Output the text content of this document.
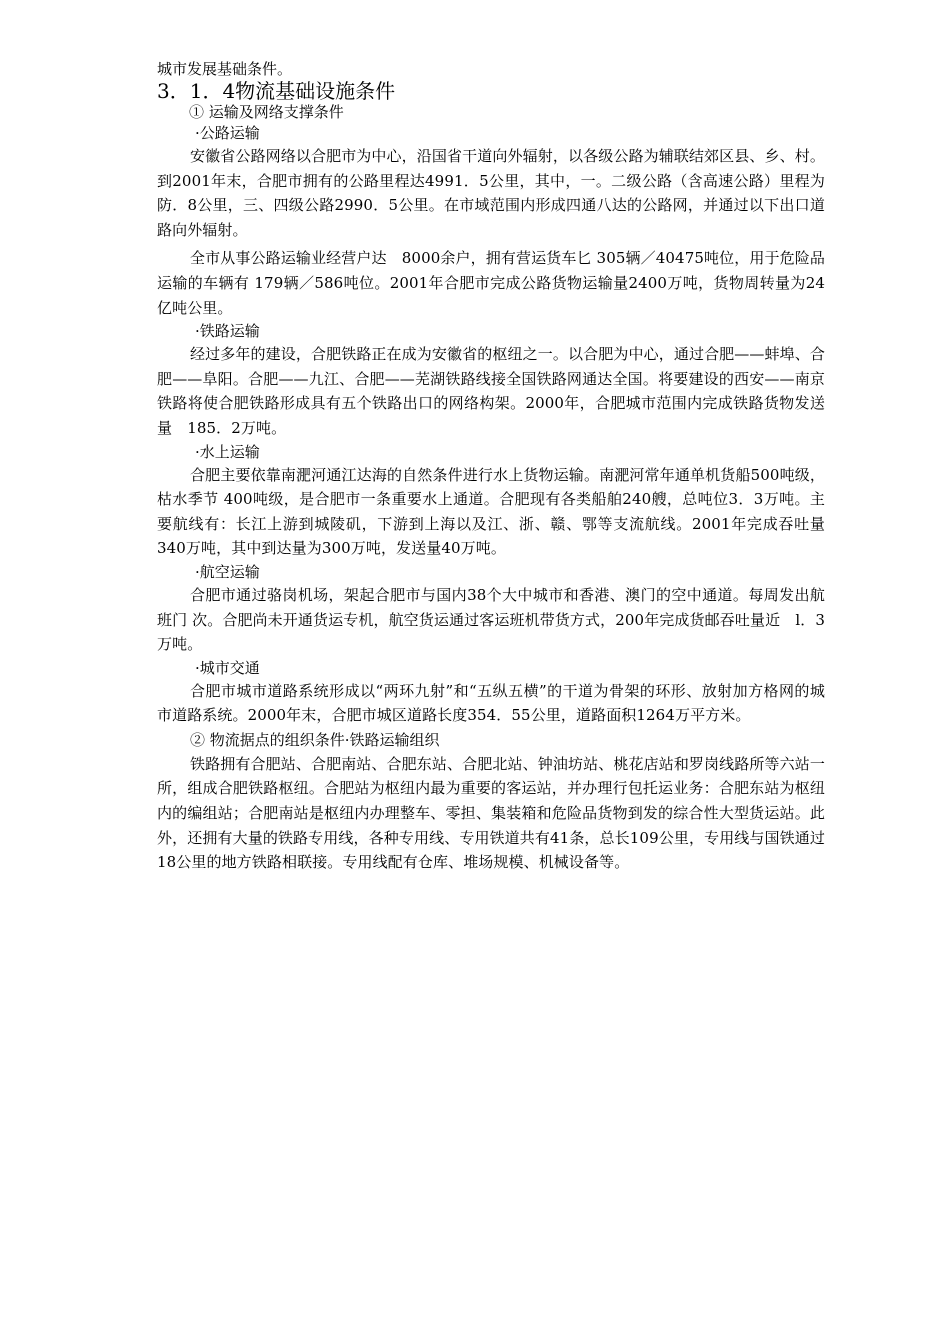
城市发展基础条件。
3．1．4物流基础设施条件
① 运输及网络支撑条件
·公路运输

安徽省公路网络以合肥市为中心，沿国省干道向外辐射，以各级公路为辅联结郊区县、乡、村。到2001年末，合肥市拥有的公路里程达4991．5公里，其中，一。二级公路（含高速公路）里程为防．8公里，三、四级公路2990．5公里。在市域范围内形成四通八达的公路网，并通过以下出口道路向外辐射。

全市从事公路运输业经营户达　8000余户，拥有营运货车匕 305辆／40475吨位，用于危险品运输的车辆有 179辆／586吨位。2001年合肥市完成公路货物运输量2400万吨，货物周转量为24亿吨公里。

·铁路运输

经过多年的建设，合肥铁路正在成为安徽省的枢纽之一。以合肥为中心，通过合肥——蚌埠、合肥——阜阳。合肥——九江、合肥——芜湖铁路线接全国铁路网通达全国。将要建设的西安——南京铁路将使合肥铁路形成具有五个铁路出口的网络构架。2000年，合肥城市范围内完成铁路货物发送量　185．2万吨。

·水上运输

合肥主要依靠南淝河通江达海的自然条件进行水上货物运输。南淝河常年通单机货船500吨级，枯水季节 400吨级，是合肥市一条重要水上通道。合肥现有各类船舶240艘，总吨位3．3万吨。主要航线有：长江上游到城陵矶，下游到上海以及江、浙、赣、鄂等支流航线。2001年完成吞吐量340万吨，其中到达量为300万吨，发送量40万吨。

·航空运输

合肥市通过骆岗机场，架起合肥市与国内38个大中城市和香港、澳门的空中通道。每周发出航班门 次。合肥尚未开通货运专机，航空货运通过客运班机带货方式，200年完成货邮吞吐量近　l．3万吨。

·城市交通

合肥市城市道路系统形成以“两环九射”和“五纵五横”的干道为骨架的环形、放射加方格网的城市道路系统。2000年末，合肥市城区道路长度354．55公里，道路面积1264万平方米。

② 物流据点的组织条件·铁路运输组织

铁路拥有合肥站、合肥南站、合肥东站、合肥北站、钟油坊站、桃花店站和罗岗线路所等六站一所，组成合肥铁路枢纽。合肥站为枢纽内最为重要的客运站，并办理行包托运业务：合肥东站为枢纽内的编组站；合肥南站是枢纽内办理整车、零担、集装箱和危险品货物到发的综合性大型货运站。此外，还拥有大量的铁路专用线，各种专用线、专用铁道共有41条，总长109公里，专用线与国铁通过18公里的地方铁路相联接。专用线配有仓库、堆场规模、机械设备等。
